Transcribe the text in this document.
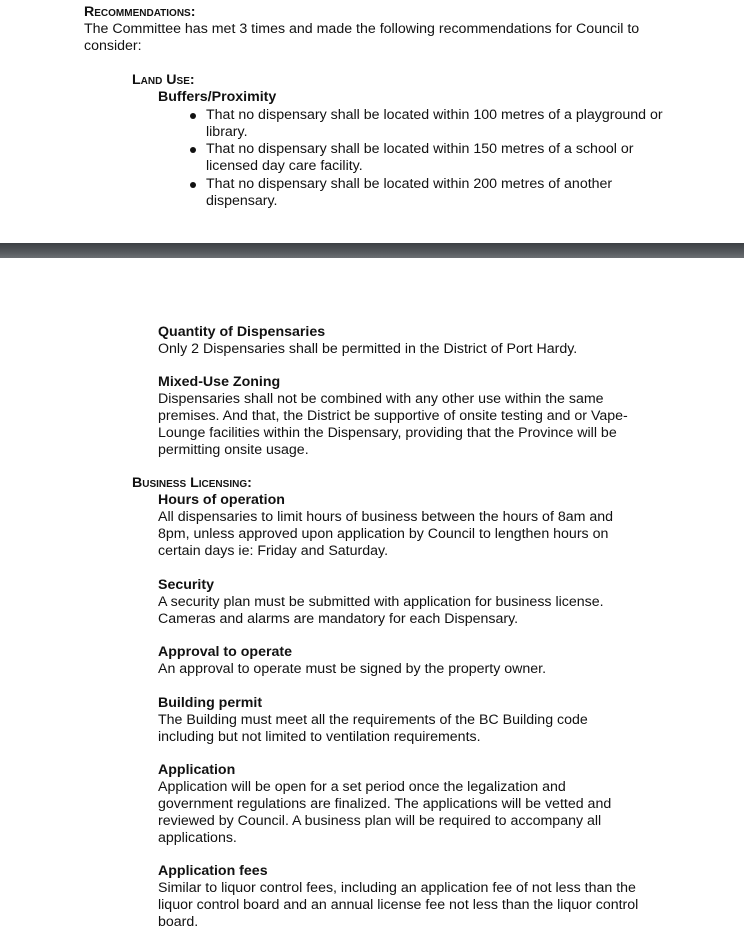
Recommendations:
The Committee has met 3 times and made the following recommendations for Council to consider:
Land Use:
Buffers/Proximity
That no dispensary shall be located within 100 metres of a playground or library.
That no dispensary shall be located within 150 metres of a school or licensed day care facility.
That no dispensary shall be located within 200 metres of another dispensary.

Quantity of Dispensaries

Only 2 Dispensaries shall be permitted in the District of Port Hardy.

Mixed-Use Zoning

Dispensaries shall not be combined with any other use within the same premises. And that, the District be supportive of onsite testing and or Vape-Lounge facilities within the Dispensary, providing that the Province will be permitting onsite usage.

Business Licensing:

Hours of operation

All dispensaries to limit hours of business between the hours of 8am and 8pm, unless approved upon application by Council to lengthen hours on certain days ie: Friday and Saturday.

Security

A security plan must be submitted with application for business license. Cameras and alarms are mandatory for each Dispensary.

Approval to operate

An approval to operate must be signed by the property owner.

Building permit

The Building must meet all the requirements of the BC Building code including but not limited to ventilation requirements.

Application

Application will be open for a set period once the legalization and government regulations are finalized. The applications will be vetted and reviewed by Council. A business plan will be required to accompany all applications.

Application fees

Similar to liquor control fees, including an application fee of not less than the liquor control board and an annual license fee not less than the liquor control board.
